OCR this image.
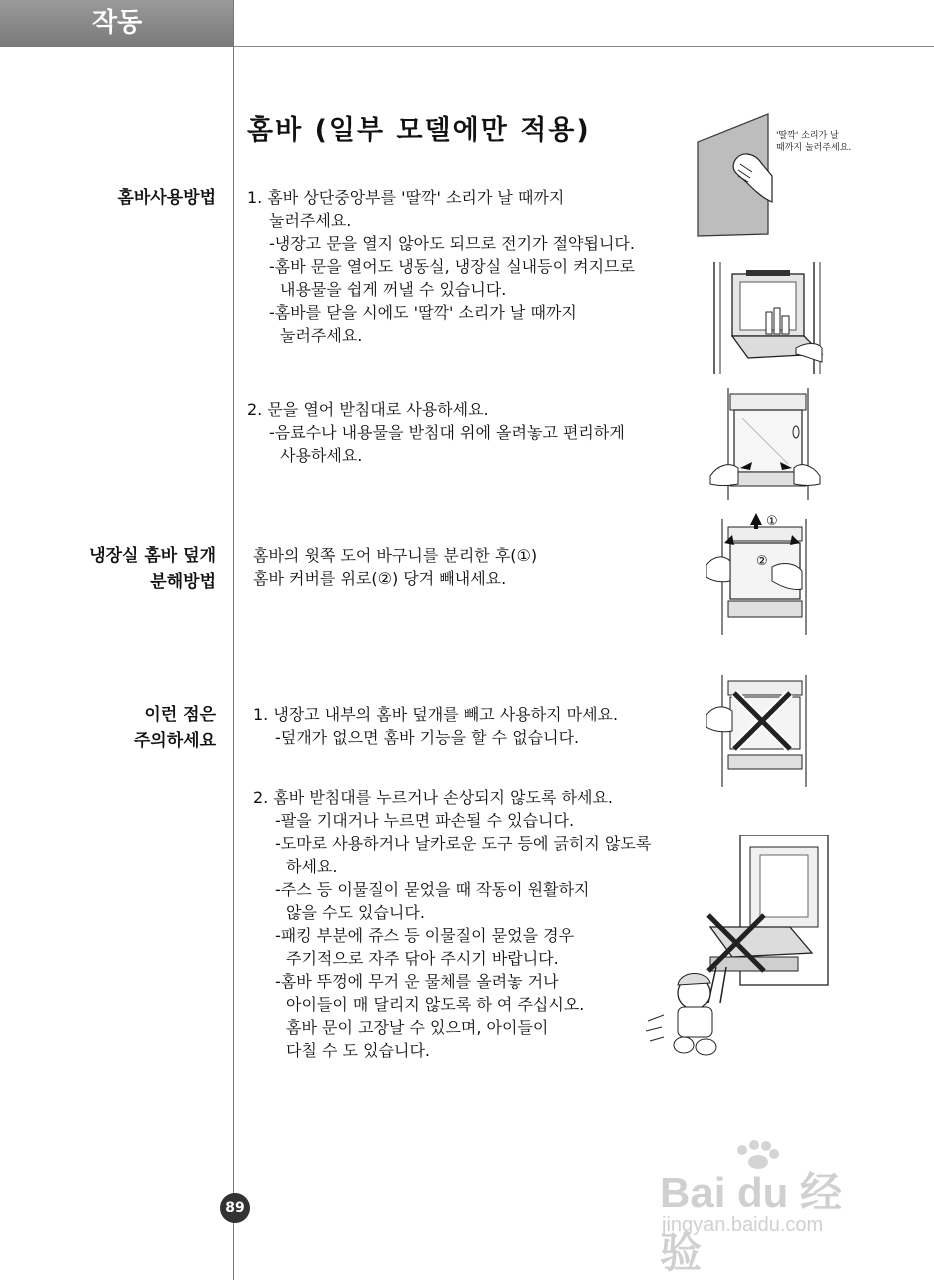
작동
홈바 (일부 모델에만 적용)
홈바사용방법 1. 홈바 상단중앙부를 '딸깍' 소리가 날 때까지
눌러주세요.
-냉장고 문을 열지 않아도 되므로 전기가 절약됩니다.
-홈바 문을 열어도 냉동실, 냉장실 실내등이 켜지므로
내용물을 쉽게 꺼낼 수 있습니다.
-홈바를 닫을 시에도 '딸깍' 소리가 날 때까지
눌러주세요.
2. 문을 열어 받침대로 사용하세요.
-음료수나 내용물을 받침대 위에 올려놓고 편리하게
사용하세요.
냉장실 홈바 덮개
분해방법
홈바의 윗쪽 도어 바구니를 분리한 후(①)
홈바 커버를 위로(②) 당겨 빼내세요.
이런 점은
주의하세요
1. 냉장고 내부의 홈바 덮개를 빼고 사용하지 마세요.
-덮개가 없으면 홈바 기능을 할 수 없습니다.
2. 홈바 받침대를 누르거나 손상되지 않도록 하세요.
-팔을 기대거나 누르면 파손될 수 있습니다.
-도마로 사용하거나 날카로운 도구 등에 긁히지 않도록
하세요.
-주스 등 이물질이 묻었을 때 작동이 원활하지
않을 수도 있습니다.
-패킹 부분에 쥬스 등 이물질이 묻었을 경우
주기적으로 자주 닦아 주시기 바랍니다.
-홈바 뚜껑에 무거 운 물체를 올려놓 거나
아이들이 매 달리지 않도록 하 여 주십시오.
홈바 문이 고장날 수 있으며, 아이들이
다칠 수 도 있습니다.
'딸깍' 소리가 날
때까지 눌러주세요.
①
②
89	Bai du 经验
jingyan.baidu.com
